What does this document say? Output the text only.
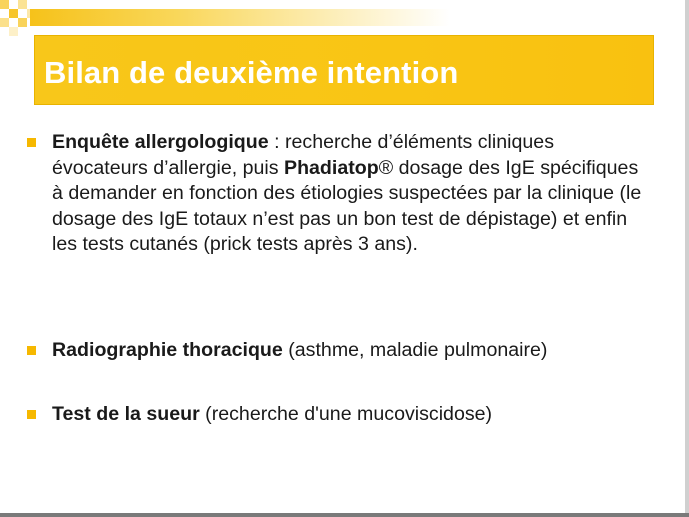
Bilan de deuxième intention
Enquête allergologique : recherche d’éléments cliniques évocateurs d’allergie, puis Phadiatop® dosage des IgE spécifiques à demander en fonction des étiologies suspectées par la clinique (le dosage des IgE totaux n’est pas un bon test de dépistage) et enfin les tests cutanés (prick tests après 3 ans).
Radiographie thoracique (asthme, maladie pulmonaire)
Test de la sueur (recherche d'une mucoviscidose)
